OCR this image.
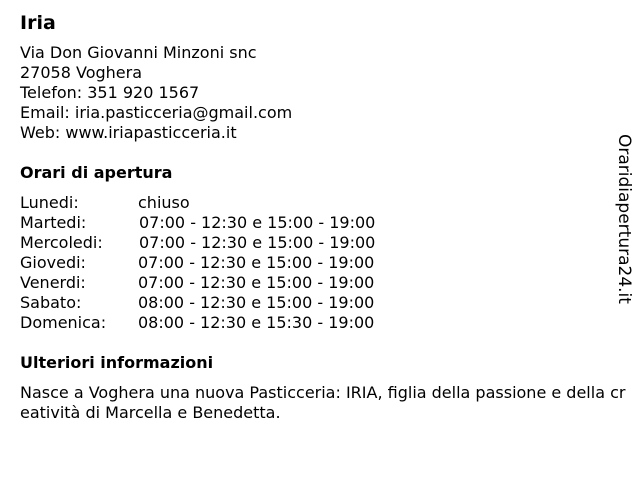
Iria
Via Don Giovanni Minzoni snc
27058 Voghera
Telefon: 351 920 1567
Email: iria.pasticceria@gmail.com
Web: www.iriapasticceria.it
Orari di apertura
Lunedi:	chiuso
Martedi:	07:00 - 12:30 e 15:00 - 19:00
Mercoledi: 07:00 - 12:30 e 15:00 - 19:00
Giovedi:	07:00 - 12:30 e 15:00 - 19:00
Venerdi:	07:00 - 12:30 e 15:00 - 19:00
Sabato:	08:00 - 12:30 e 15:00 - 19:00
Domenica: 08:00 - 12:30 e 15:30 - 19:00
Ulteriori informazioni
Nasce a Voghera una nuova Pasticceria: IRIA, figlia della passione e della creatività di Marcella e Benedetta.
Oraridiapertura24.it
